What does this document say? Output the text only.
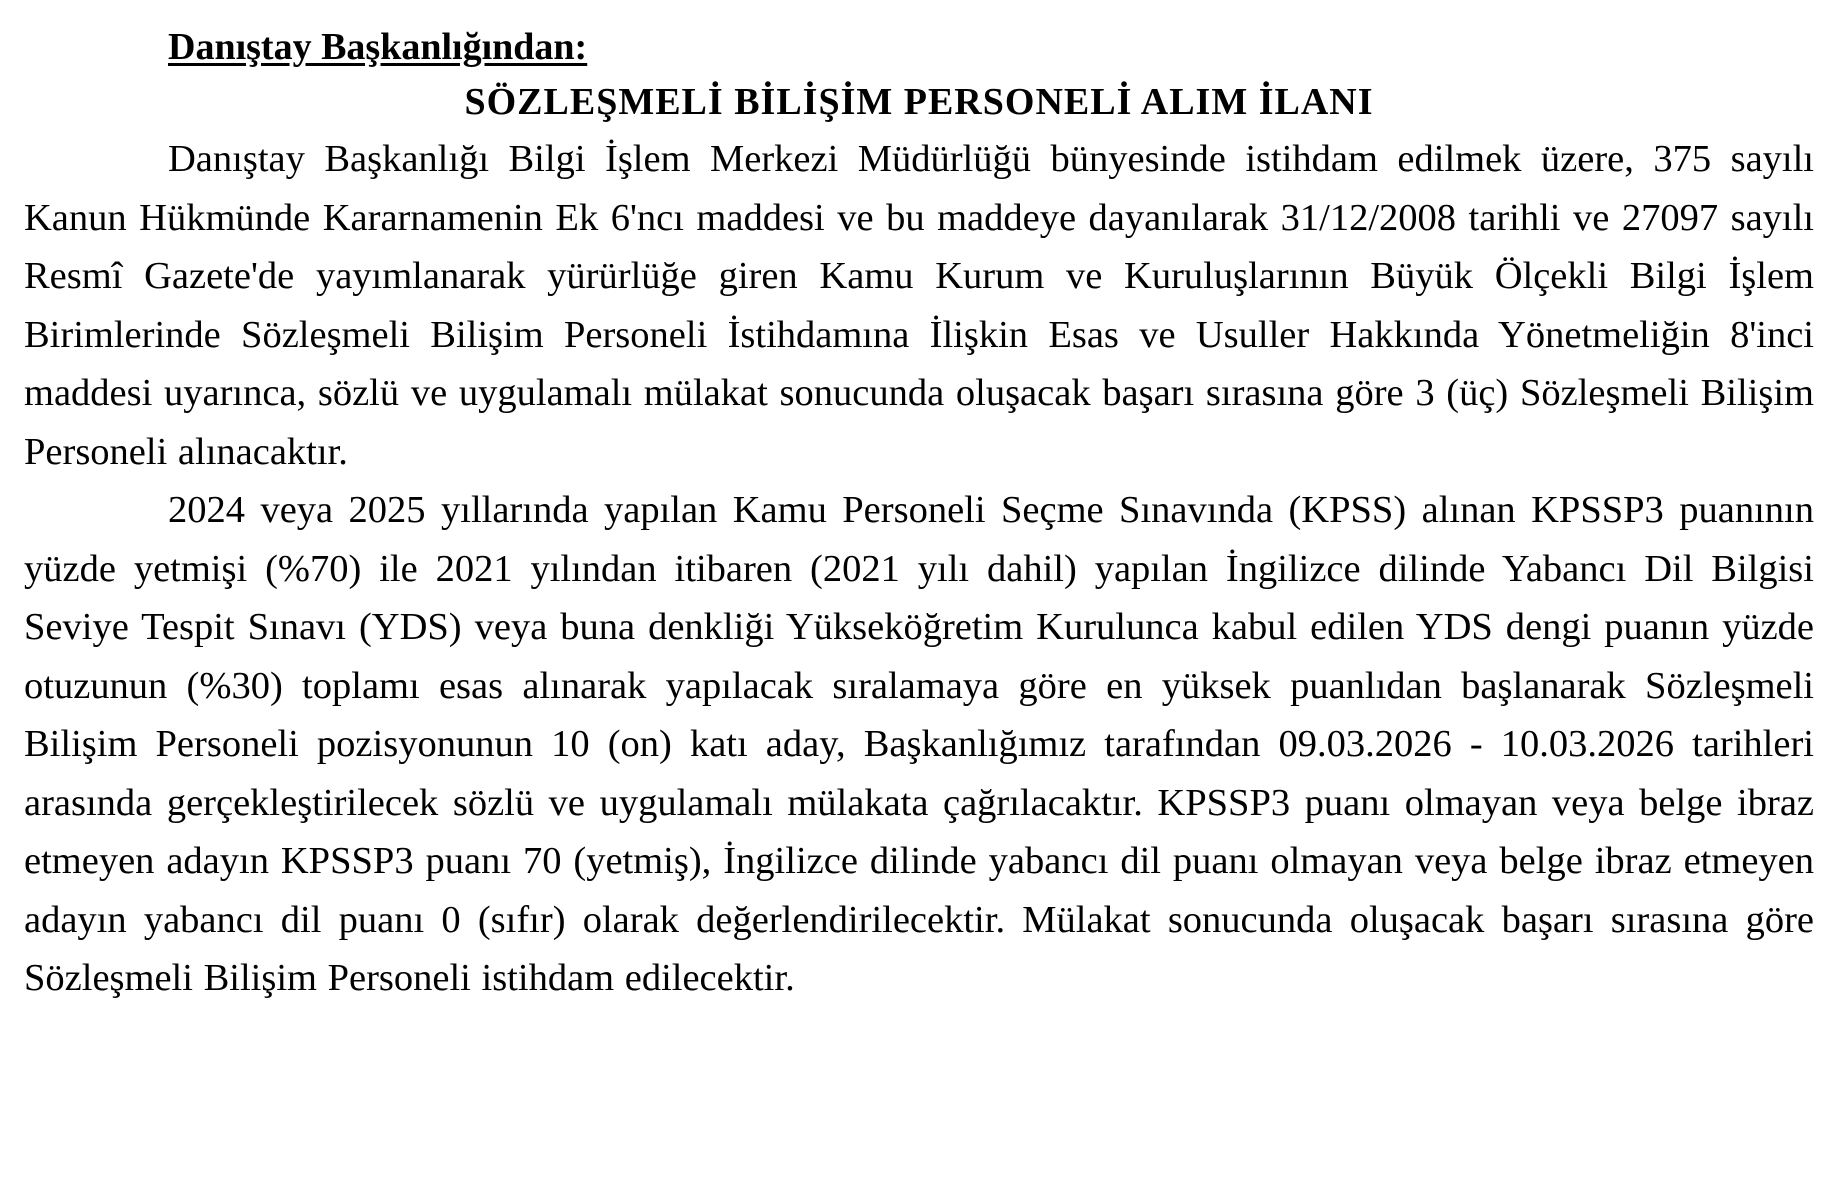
Danıştay Başkanlığından:

SÖZLEŞMELİ BİLİŞİM PERSONELİ ALIM İLANI

Danıştay Başkanlığı Bilgi İşlem Merkezi Müdürlüğü bünyesinde istihdam edilmek üzere, 375 sayılı Kanun Hükmünde Kararnamenin Ek 6'ncı maddesi ve bu maddeye dayanılarak 31/12/2008 tarihli ve 27097 sayılı Resmî Gazete'de yayımlanarak yürürlüğe giren Kamu Kurum ve Kuruluşlarının Büyük Ölçekli Bilgi İşlem Birimlerinde Sözleşmeli Bilişim Personeli İstihdamına İlişkin Esas ve Usuller Hakkında Yönetmeliğin 8'inci maddesi uyarınca, sözlü ve uygulamalı mülakat sonucunda oluşacak başarı sırasına göre 3 (üç) Sözleşmeli Bilişim Personeli alınacaktır.

2024 veya 2025 yıllarında yapılan Kamu Personeli Seçme Sınavında (KPSS) alınan KPSSP3 puanının yüzde yetmişi (%70) ile 2021 yılından itibaren (2021 yılı dahil) yapılan İngilizce dilinde Yabancı Dil Bilgisi Seviye Tespit Sınavı (YDS) veya buna denkliği Yükseköğretim Kurulunca kabul edilen YDS dengi puanın yüzde otuzunun (%30) toplamı esas alınarak yapılacak sıralamaya göre en yüksek puanlıdan başlanarak Sözleşmeli Bilişim Personeli pozisyonunun 10 (on) katı aday, Başkanlığımız tarafından 09.03.2026 - 10.03.2026 tarihleri arasında gerçekleştirilecek sözlü ve uygulamalı mülakata çağrılacaktır. KPSSP3 puanı olmayan veya belge ibraz etmeyen adayın KPSSP3 puanı 70 (yetmiş), İngilizce dilinde yabancı dil puanı olmayan veya belge ibraz etmeyen adayın yabancı dil puanı 0 (sıfır) olarak değerlendirilecektir. Mülakat sonucunda oluşacak başarı sırasına göre Sözleşmeli Bilişim Personeli istihdam edilecektir.
